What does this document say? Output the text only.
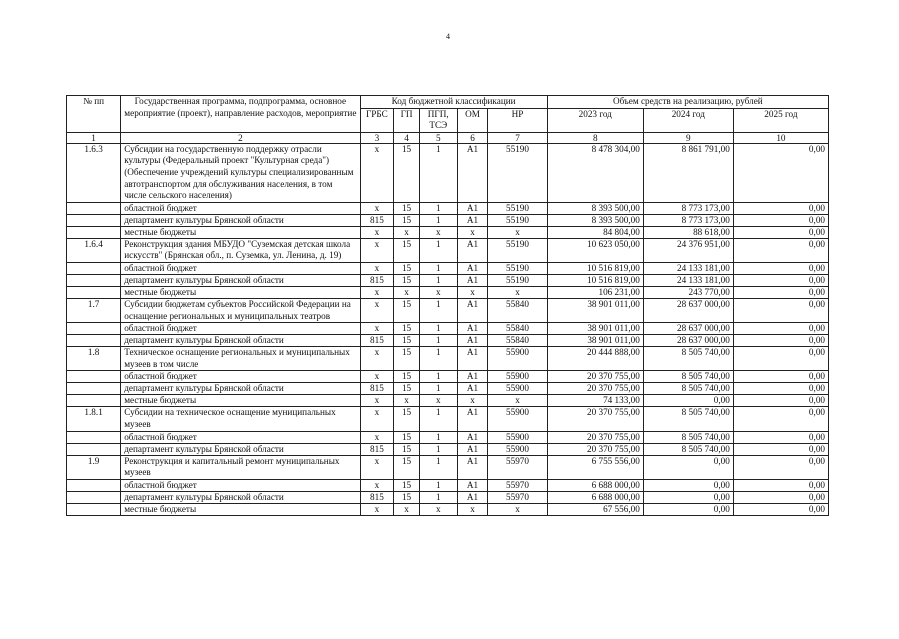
4
№ пп	Государственная программа, подпрограмма, основное мероприятие (проект), направление расходов, мероприятие	Код бюджетной классификации					Объем средств на реализацию, рублей		
		ГРБС	ГП	ПГП, ТСЭ	ОМ	НР	2023 год	2024 год	2025 год
1	2	3	4	5	6	7	8	9	10
1.6.3	Субсидии на государственную поддержку отрасли культуры (Федеральный проект "Культурная среда") (Обеспечение учреждений культуры специализированным автотранспортом для обслуживания населения, в том числе сельского населения)	х	15	1	А1	55190	8 478 304,00	8 861 791,00	0,00
	областной бюджет	х	15	1	А1	55190	8 393 500,00	8 773 173,00	0,00
	департамент культуры Брянской области	815	15	1	А1	55190	8 393 500,00	8 773 173,00	0,00
	местные бюджеты	х	х	х	х	х	84 804,00	88 618,00	0,00
1.6.4	Реконструкция здания МБУДО "Суземская детская школа искусств" (Брянская обл., п. Суземка, ул. Ленина, д. 19)	х	15	1	А1	55190	10 623 050,00	24 376 951,00	0,00
	областной бюджет	х	15	1	А1	55190	10 516 819,00	24 133 181,00	0,00
	департамент культуры Брянской области	815	15	1	А1	55190	10 516 819,00	24 133 181,00	0,00
	местные бюджеты	х	х	х	х	х	106 231,00	243 770,00	0,00
1.7	Субсидии бюджетам субъектов Российской Федерации на оснащение региональных и муниципальных театров	х	15	1	А1	55840	38 901 011,00	28 637 000,00	0,00
	областной бюджет	х	15	1	А1	55840	38 901 011,00	28 637 000,00	0,00
	департамент культуры Брянской области	815	15	1	А1	55840	38 901 011,00	28 637 000,00	0,00
1.8	Техническое оснащение региональных и муниципальных музеев в том числе	х	15	1	А1	55900	20 444 888,00	8 505 740,00	0,00
	областной бюджет	х	15	1	А1	55900	20 370 755,00	8 505 740,00	0,00
	департамент культуры Брянской области	815	15	1	А1	55900	20 370 755,00	8 505 740,00	0,00
	местные бюджеты	х	х	х	х	х	74 133,00	0,00	0,00
1.8.1	Субсидии на техническое оснащение муниципальных музеев	х	15	1	А1	55900	20 370 755,00	8 505 740,00	0,00
	областной бюджет	х	15	1	А1	55900	20 370 755,00	8 505 740,00	0,00
	департамент культуры Брянской области	815	15	1	А1	55900	20 370 755,00	8 505 740,00	0,00
1.9	Реконструкция и капитальный ремонт муниципальных музеев	х	15	1	А1	55970	6 755 556,00	0,00	0,00
	областной бюджет	х	15	1	А1	55970	6 688 000,00	0,00	0,00
	департамент культуры Брянской области	815	15	1	А1	55970	6 688 000,00	0,00	0,00
	местные бюджеты	х	х	х	х	х	67 556,00	0,00	0,00
